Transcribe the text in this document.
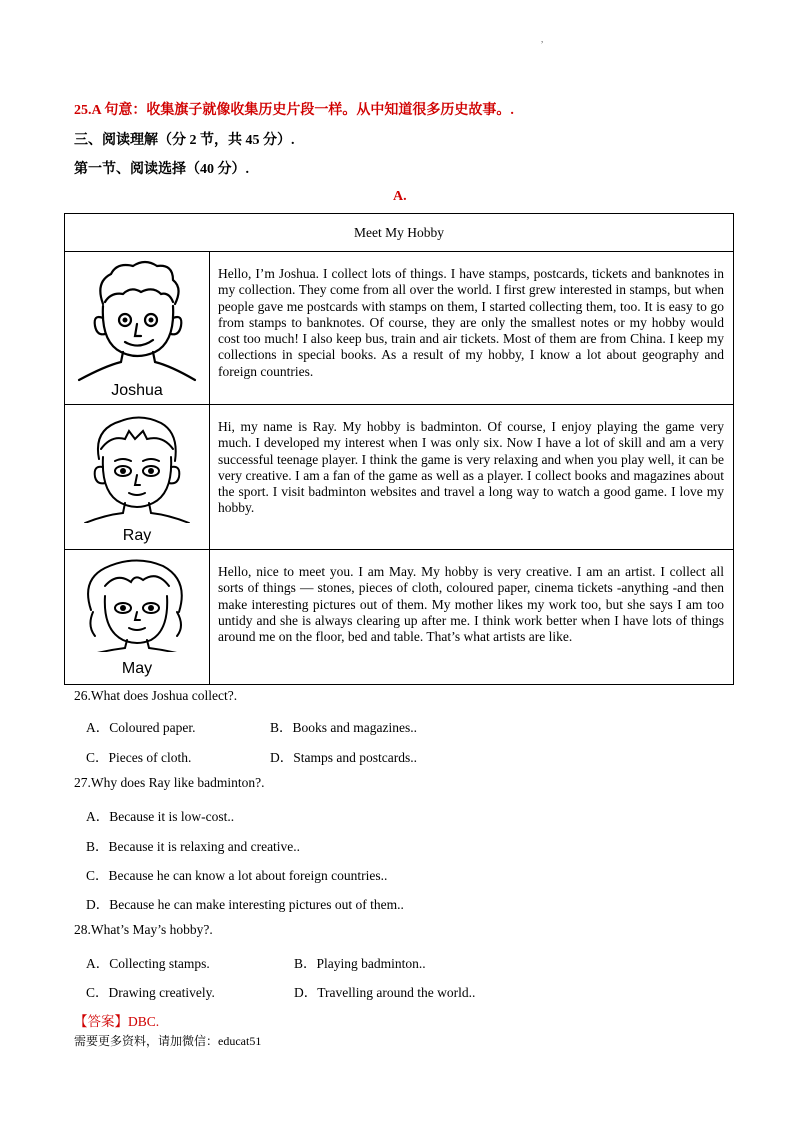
,
25.A 句意：收集旗子就像收集历史片段一样。从中知道很多历史故事。.
三、阅读理解（分 2 节，共 45 分）.
第一节、阅读选择（40 分）.
A.
Meet My Hobby	

Joshua	Hello, I’m Joshua. I collect lots of things. I have stamps, postcards, tickets and banknotes in my collection. They come from all over the world. I first grew interested in stamps, but when people gave me postcards with stamps on them, I started collecting them, too. It is easy to go from stamps to banknotes. Of course, they are only the smallest notes or my hobby would cost too much! I also keep bus, train and air tickets. Most of them are from China. I keep my collections in special books. As a result of my hobby, I know a lot about geography and foreign countries.

Ray	Hi, my name is Ray. My hobby is badminton. Of course, I enjoy playing the game very much. I developed my interest when I was only six. Now I have a lot of skill and am a very successful teenage player. I think the game is very relaxing and when you play well, it can be very creative. I am a fan of the game as well as a player. I collect books and magazines about the sport. I visit badminton websites and travel a long way to watch a good game. I love my hobby.

May	Hello, nice to meet you. I am May. My hobby is very creative. I am an artist. I collect all sorts of things — stones, pieces of cloth, coloured paper, cinema tickets -anything -and then make interesting pictures out of them. My mother likes my work too, but she says I am too untidy and she is always clearing up after me. I think work better when I have lots of things around me on the floor, bed and table. That’s what artists are like.
26.What does Joshua collect?.
A．Coloured paper.	B．Books and magazines..
C．Pieces of cloth.	D．Stamps and postcards..
27.Why does Ray like badminton?.
A．Because it is low-cost..
B．Because it is relaxing and creative..
C．Because he can know a lot about foreign countries..
D．Because he can make interesting pictures out of them..
28.What’s May’s hobby?.
A．Collecting stamps.	B．Playing badminton..
C．Drawing creatively.	D．Travelling around the world..
【答案】DBC.
需要更多资料，请加微信：educat51
